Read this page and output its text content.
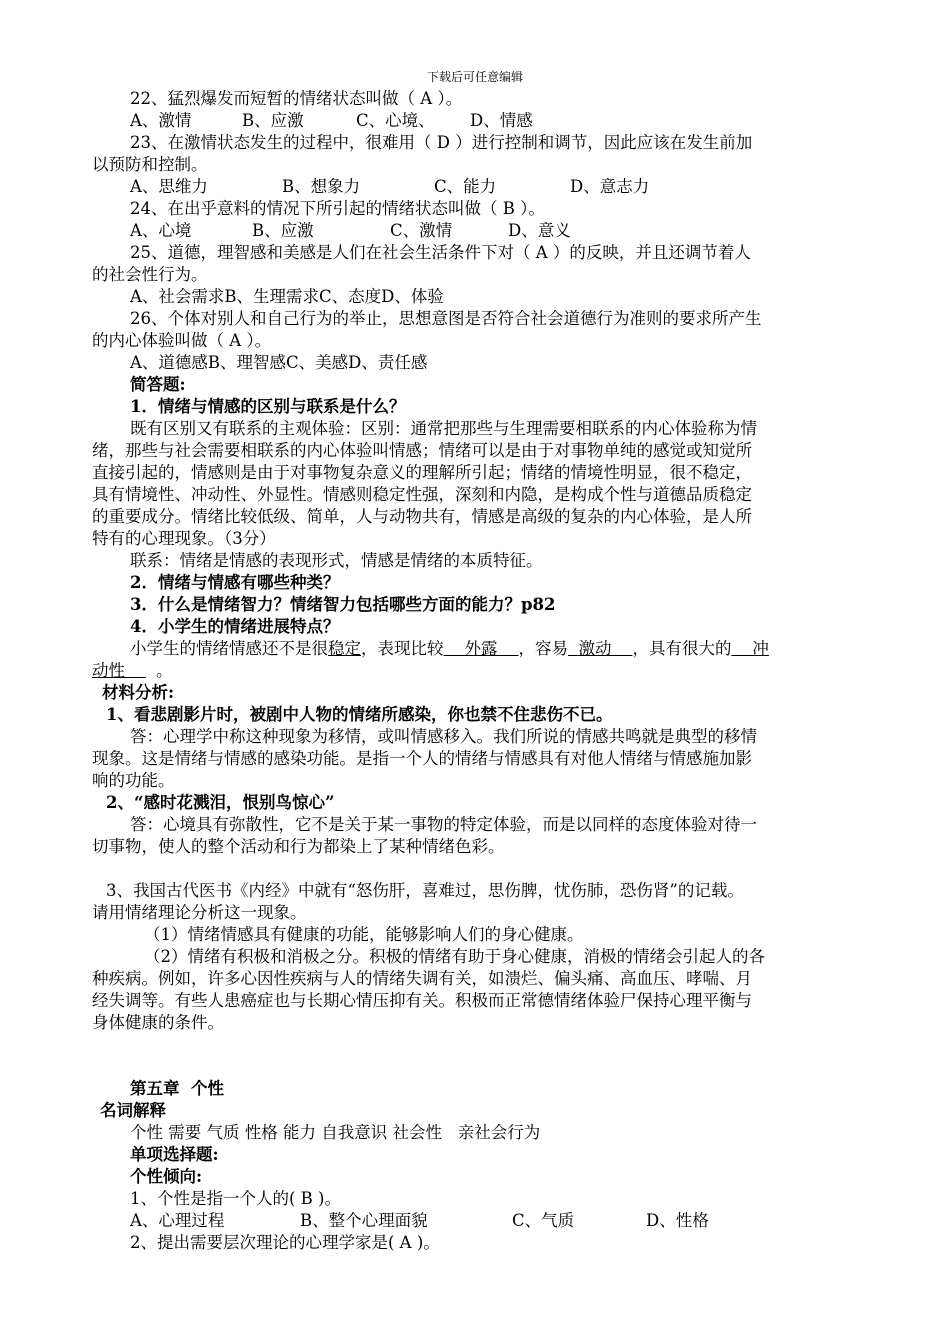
下载后可任意编辑
22、猛烈爆发而短暂的情绪状态叫做（ A ）。
A、激情	B、应激	C、心境、 D、情感
23、在激情状态发生的过程中，很难用（ D ）进行控制和调节，因此应该在发生前加
以预防和控制。
A、思维力	B、想象力	C、能力	D、意志力
24、在出乎意料的情况下所引起的情绪状态叫做（ B ）。
A、心境	B、应激	C、激情	D、意义
25、道德，理智感和美感是人们在社会生活条件下对（ A ）的反映，并且还调节着人
的社会性行为。
A、社会需求B、生理需求C、态度D、体验
26、个体对别人和自己行为的举止，思想意图是否符合社会道德行为准则的要求所产生
的内心体验叫做（ A ）。
A、道德感B、理智感C、美感D、责任感
简答题:
1．情绪与情感的区别与联系是什么？
既有区别又有联系的主观体验：区别：通常把那些与生理需要相联系的内心体验称为情
绪，那些与社会需要相联系的内心体验叫情感；情绪可以是由于对事物单纯的感觉或知觉所
直接引起的，情感则是由于对事物复杂意义的理解所引起；情绪的情境性明显，很不稳定，
具有情境性、冲动性、外显性。情感则稳定性强，深刻和内隐，是构成个性与道德品质稳定
的重要成分。情绪比较低级、简单，人与动物共有，情感是高级的复杂的内心体验，是人所
特有的心理现象。（3分）
联系：情绪是情感的表现形式，情感是情绪的本质特征。
2．情绪与情感有哪些种类？
3．什么是情绪智力？情绪智力包括哪些方面的能力？p82
4．小学生的情绪进展特点？
小学生的情绪情感还不是很稳定，表现比较    外露    ，容易  激动    ，具有很大的    冲
动性    。
材料分析:
1、看悲剧影片时，被剧中人物的情绪所感染，你也禁不住悲伤不已。
答：心理学中称这种现象为移情，或叫情感移入。我们所说的情感共鸣就是典型的移情
现象。这是情绪与情感的感染功能。是指一个人的情绪与情感具有对他人情绪与情感施加影
响的功能。
2、“感时花溅泪，恨别鸟惊心”
答：心境具有弥散性，它不是关于某一事物的特定体验，而是以同样的态度体验对待一
切事物，使人的整个活动和行为都染上了某种情绪色彩。
3、我国古代医书《内经》中就有“怒伤肝，喜难过，思伤脾，忧伤肺，恐伤肾”的记载。
请用情绪理论分析这一现象。
（1）情绪情感具有健康的功能，能够影响人们的身心健康。
（2）情绪有积极和消极之分。积极的情绪有助于身心健康，消极的情绪会引起人的各
种疾病。例如，许多心因性疾病与人的情绪失调有关，如溃烂、偏头痛、高血压、哮喘、月
经失调等。有些人患癌症也与长期心情压抑有关。积极而正常德情绪体验尸保持心理平衡与
身体健康的条件。
第五章  个性
名词解释
个性 需要 气质 性格 能力 自我意识 社会性   亲社会行为
单项选择题:
个性倾向:
1、个性是指一个人的( B )。
A、心理过程	B、整个心理面貌	C、气质	D、性格
2、提出需要层次理论的心理学家是( A )。
